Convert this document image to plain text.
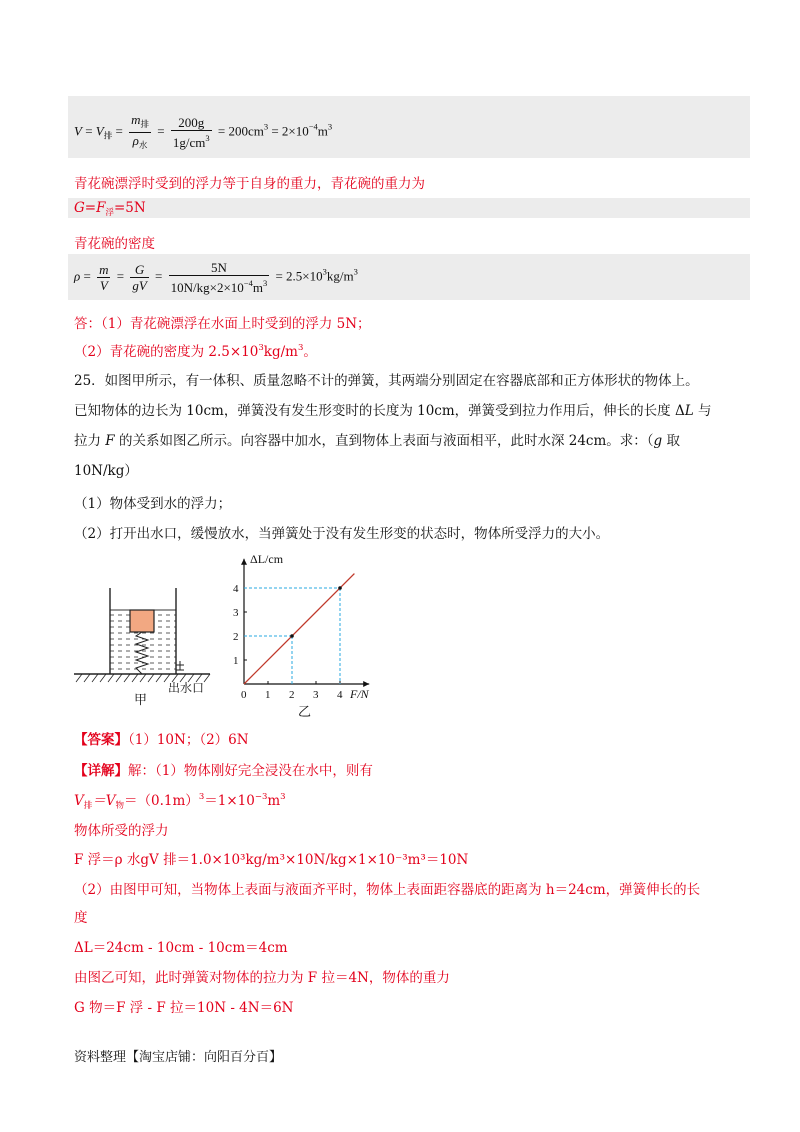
$V = V_排 = \frac{m_排}{\rho_水} = \frac{200g}{1g/cm^3} = 200cm^3 = 2\times 10^{-4}m^3$
青花碗漂浮时受到的浮力等于自身的重力，青花碗的重力为
$G=F_浮=5N$
青花碗的密度
$\rho = \frac{m}{V} = \frac{G}{gV} = \frac{5N}{10N/kg\times 2\times 10^{-4}m^3} = 2.5\times 10^3kg/m^3$
答：（1）青花碗漂浮在水面上时受到的浮力 5N；
（2）青花碗的密度为 $2.5\times 10^3kg/m^3$。
25．如图甲所示，有一体积、质量忽略不计的弹簧，其两端分别固定在容器底部和正方体形状的物体上。
已知物体的边长为 10cm，弹簧没有发生形变时的长度为 10cm，弹簧受到拉力作用后，伸长的长度 ΔL 与
拉力 F 的关系如图乙所示。向容器中加水，直到物体上表面与液面相平，此时水深 24cm。求：（g 取
10N/kg）
（1）物体受到水的浮力；
（2）打开出水口，缓慢放水，当弹簧处于没有发生形变的状态时，物体所受浮力的大小。
甲
出水口	0 1 2 3 4
1
2
3
4
ΔL/cm
F/N
乙
【答案】（1）10N；（2）6N
【详解】解：（1）物体刚好完全浸没在水中，则有
$V_排=V_物=(0.1m)^3=1\times 10^{-3}m^3$
物体所受的浮力
F 浮＝ρ 水gV 排＝1.0×10³kg/m³×10N/kg×1×10⁻³m³＝10N
（2）由图甲可知，当物体上表面与液面齐平时，物体上表面距容器底的距离为 h＝24cm，弹簧伸长的长
度
ΔL＝24cm - 10cm - 10cm＝4cm
由图乙可知，此时弹簧对物体的拉力为 F 拉＝4N，物体的重力
G 物＝F 浮 - F 拉＝10N - 4N＝6N
资料整理【淘宝店铺：向阳百分百】
